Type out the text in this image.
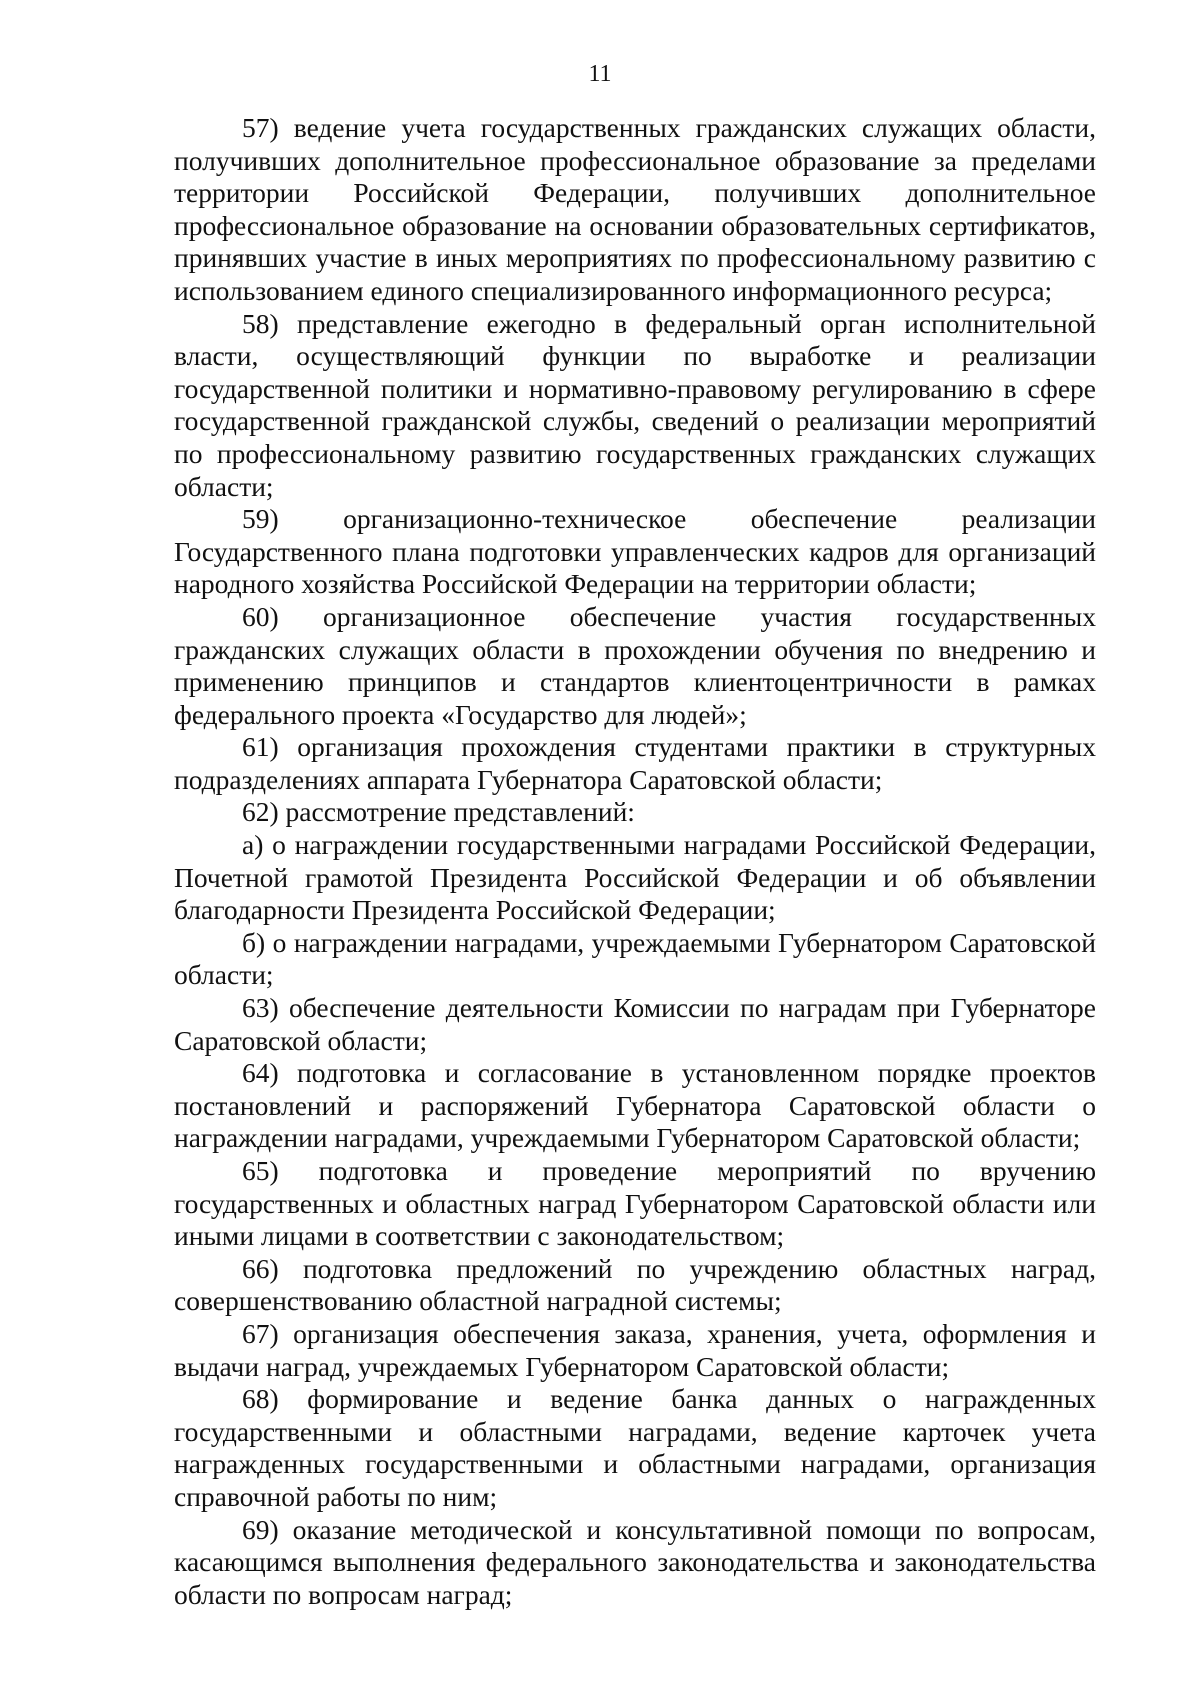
11

57) ведение учета государственных гражданских служащих области, получивших дополнительное профессиональное образование за пределами территории Российской Федерации, получивших дополнительное профессиональное образование на основании образовательных сертификатов, принявших участие в иных мероприятиях по профессиональному развитию с использованием единого специализированного информационного ресурса;

58) представление ежегодно в федеральный орган исполнительной власти, осуществляющий функции по выработке и реализации государственной политики и нормативно-правовому регулированию в сфере государственной гражданской службы, сведений о реализации мероприятий по профессиональному развитию государственных гражданских служащих области;

59) организационно-техническое обеспечение реализации Государственного плана подготовки управленческих кадров для организаций народного хозяйства Российской Федерации на территории области;

60) организационное обеспечение участия государственных гражданских служащих области в прохождении обучения по внедрению и применению принципов и стандартов клиентоцентричности в рамках федерального проекта «Государство для людей»;

61) организация прохождения студентами практики в структурных подразделениях аппарата Губернатора Саратовской области;

62) рассмотрение представлений:

а) о награждении государственными наградами Российской Федерации, Почетной грамотой Президента Российской Федерации и об объявлении благодарности Президента Российской Федерации;

б) о награждении наградами, учреждаемыми Губернатором Саратовской области;

63) обеспечение деятельности Комиссии по наградам при Губернаторе Саратовской области;

64) подготовка и согласование в установленном порядке проектов постановлений и распоряжений Губернатора Саратовской области о награждении наградами, учреждаемыми Губернатором Саратовской области;

65) подготовка и проведение мероприятий по вручению государственных и областных наград Губернатором Саратовской области или иными лицами в соответствии с законодательством;

66) подготовка предложений по учреждению областных наград, совершенствованию областной наградной системы;

67) организация обеспечения заказа, хранения, учета, оформления и выдачи наград, учреждаемых Губернатором Саратовской области;

68) формирование и ведение банка данных о награжденных государственными и областными наградами, ведение карточек учета награжденных государственными и областными наградами, организация справочной работы по ним;

69) оказание методической и консультативной помощи по вопросам, касающимся выполнения федерального законодательства и законодательства области по вопросам наград;
